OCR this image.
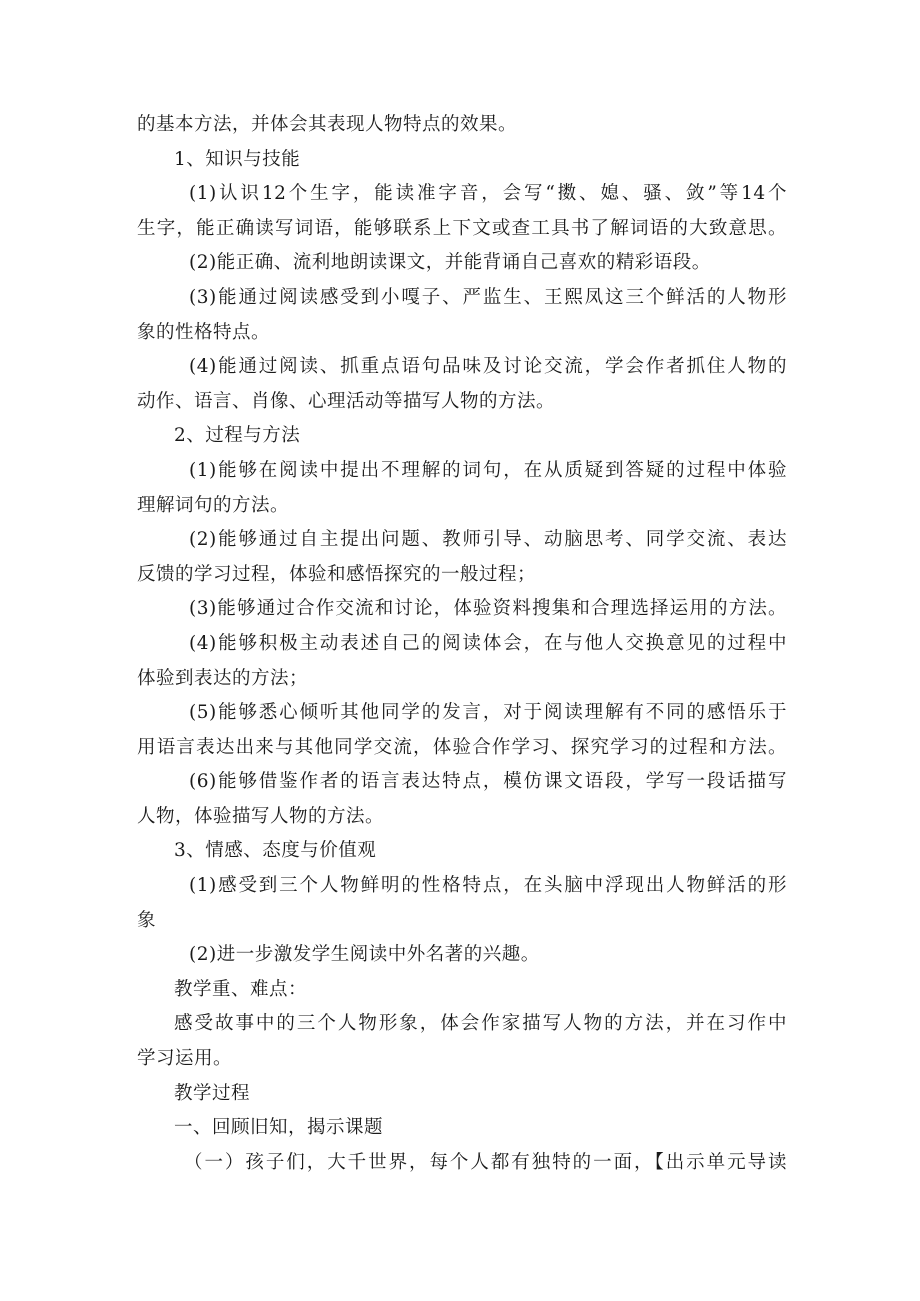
的基本方法，并体会其表现人物特点的效果。
1、知识与技能
(1)认识12个生字，能读准字音，会写“擞、媳、骚、敛”等14个
生字，能正确读写词语，能够联系上下文或查工具书了解词语的大致意思。
(2)能正确、流利地朗读课文，并能背诵自己喜欢的精彩语段。
(3)能通过阅读感受到小嘎子、严监生、王熙凤这三个鲜活的人物形
象的性格特点。
(4)能通过阅读、抓重点语句品味及讨论交流，学会作者抓住人物的
动作、语言、肖像、心理活动等描写人物的方法。
2、过程与方法
(1)能够在阅读中提出不理解的词句，在从质疑到答疑的过程中体验
理解词句的方法。
(2)能够通过自主提出问题、教师引导、动脑思考、同学交流、表达
反馈的学习过程，体验和感悟探究的一般过程；
(3)能够通过合作交流和讨论，体验资料搜集和合理选择运用的方法。
(4)能够积极主动表述自己的阅读体会，在与他人交换意见的过程中
体验到表达的方法；
(5)能够悉心倾听其他同学的发言，对于阅读理解有不同的感悟乐于
用语言表达出来与其他同学交流，体验合作学习、探究学习的过程和方法。
(6)能够借鉴作者的语言表达特点，模仿课文语段，学写一段话描写
人物，体验描写人物的方法。
3、情感、态度与价值观
(1)感受到三个人物鲜明的性格特点，在头脑中浮现出人物鲜活的形
象
(2)进一步激发学生阅读中外名著的兴趣。
教学重、难点：
感受故事中的三个人物形象，体会作家描写人物的方法，并在习作中
学习运用。
教学过程
一、回顾旧知，揭示课题
（一）孩子们，大千世界，每个人都有独特的一面，【出示单元导读
